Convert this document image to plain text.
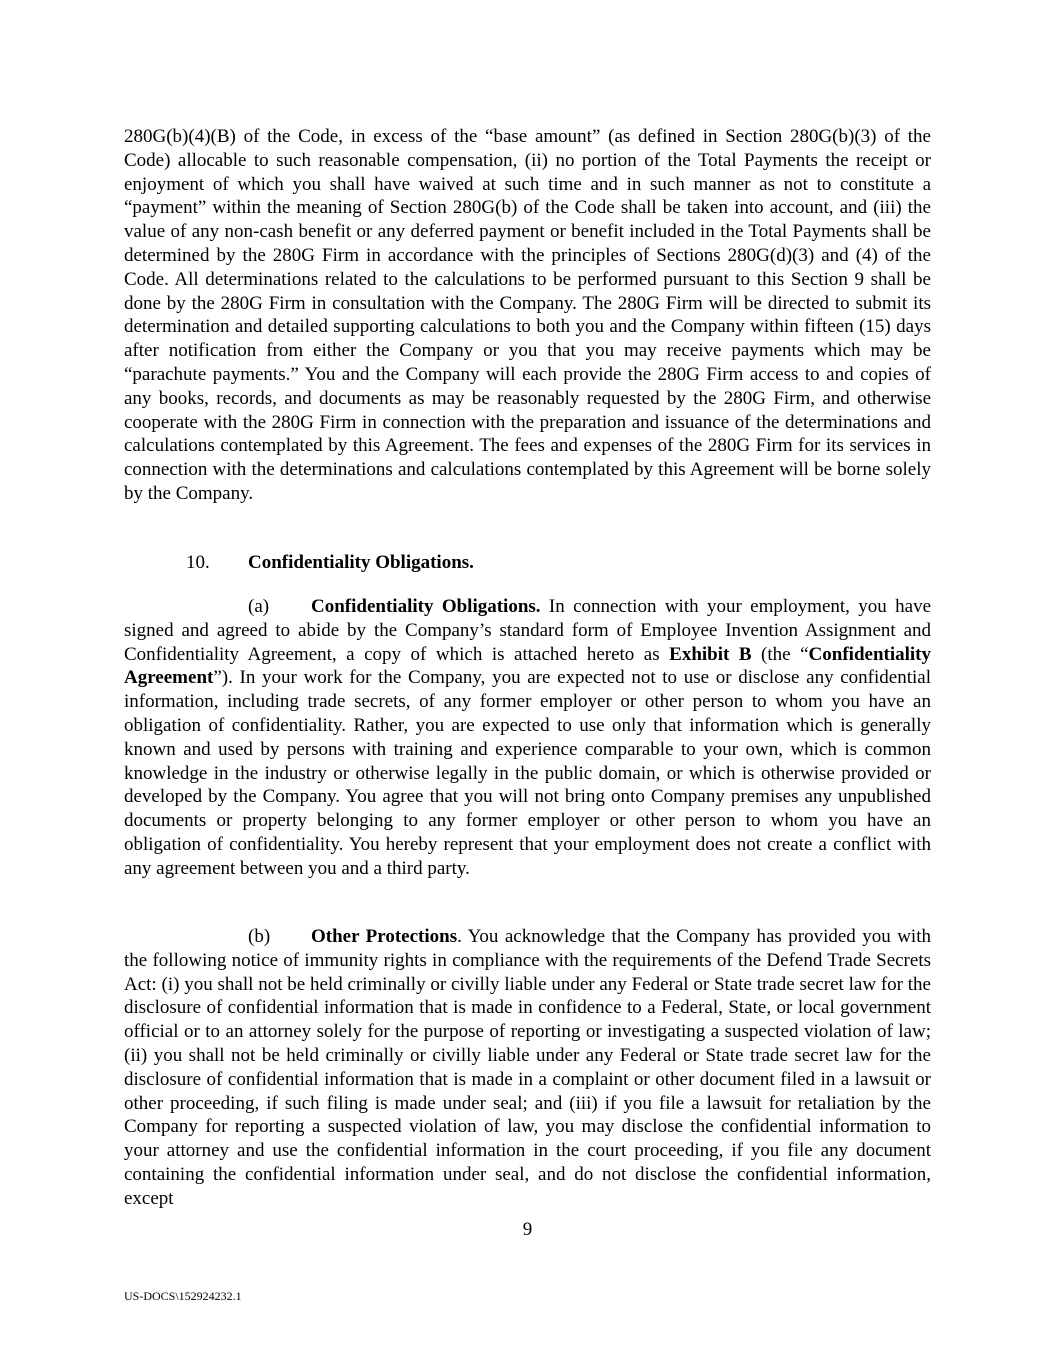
280G(b)(4)(B) of the Code, in excess of the “base amount” (as defined in Section 280G(b)(3) of the Code) allocable to such reasonable compensation, (ii) no portion of the Total Payments the receipt or enjoyment of which you shall have waived at such time and in such manner as not to constitute a “payment” within the meaning of Section 280G(b) of the Code shall be taken into account, and (iii) the value of any non-cash benefit or any deferred payment or benefit included in the Total Payments shall be determined by the 280G Firm in accordance with the principles of Sections 280G(d)(3) and (4) of the Code. All determinations related to the calculations to be performed pursuant to this Section 9 shall be done by the 280G Firm in consultation with the Company. The 280G Firm will be directed to submit its determination and detailed supporting calculations to both you and the Company within fifteen (15) days after notification from either the Company or you that you may receive payments which may be “parachute payments.” You and the Company will each provide the 280G Firm access to and copies of any books, records, and documents as may be reasonably requested by the 280G Firm, and otherwise cooperate with the 280G Firm in connection with the preparation and issuance of the determinations and calculations contemplated by this Agreement. The fees and expenses of the 280G Firm for its services in connection with the determinations and calculations contemplated by this Agreement will be borne solely by the Company.

10. Confidentiality Obligations.

(a) Confidentiality Obligations. In connection with your employment, you have signed and agreed to abide by the Company’s standard form of Employee Invention Assignment and Confidentiality Agreement, a copy of which is attached hereto as Exhibit B (the “Confidentiality Agreement”). In your work for the Company, you are expected not to use or disclose any confidential information, including trade secrets, of any former employer or other person to whom you have an obligation of confidentiality. Rather, you are expected to use only that information which is generally known and used by persons with training and experience comparable to your own, which is common knowledge in the industry or otherwise legally in the public domain, or which is otherwise provided or developed by the Company. You agree that you will not bring onto Company premises any unpublished documents or property belonging to any former employer or other person to whom you have an obligation of confidentiality. You hereby represent that your employment does not create a conflict with any agreement between you and a third party.

(b) Other Protections. You acknowledge that the Company has provided you with the following notice of immunity rights in compliance with the requirements of the Defend Trade Secrets Act: (i) you shall not be held criminally or civilly liable under any Federal or State trade secret law for the disclosure of confidential information that is made in confidence to a Federal, State, or local government official or to an attorney solely for the purpose of reporting or investigating a suspected violation of law; (ii) you shall not be held criminally or civilly liable under any Federal or State trade secret law for the disclosure of confidential information that is made in a complaint or other document filed in a lawsuit or other proceeding, if such filing is made under seal; and (iii) if you file a lawsuit for retaliation by the Company for reporting a suspected violation of law, you may disclose the confidential information to your attorney and use the confidential information in the court proceeding, if you file any document containing the confidential information under seal, and do not disclose the confidential information, except

9
US-DOCS\152924232.1
